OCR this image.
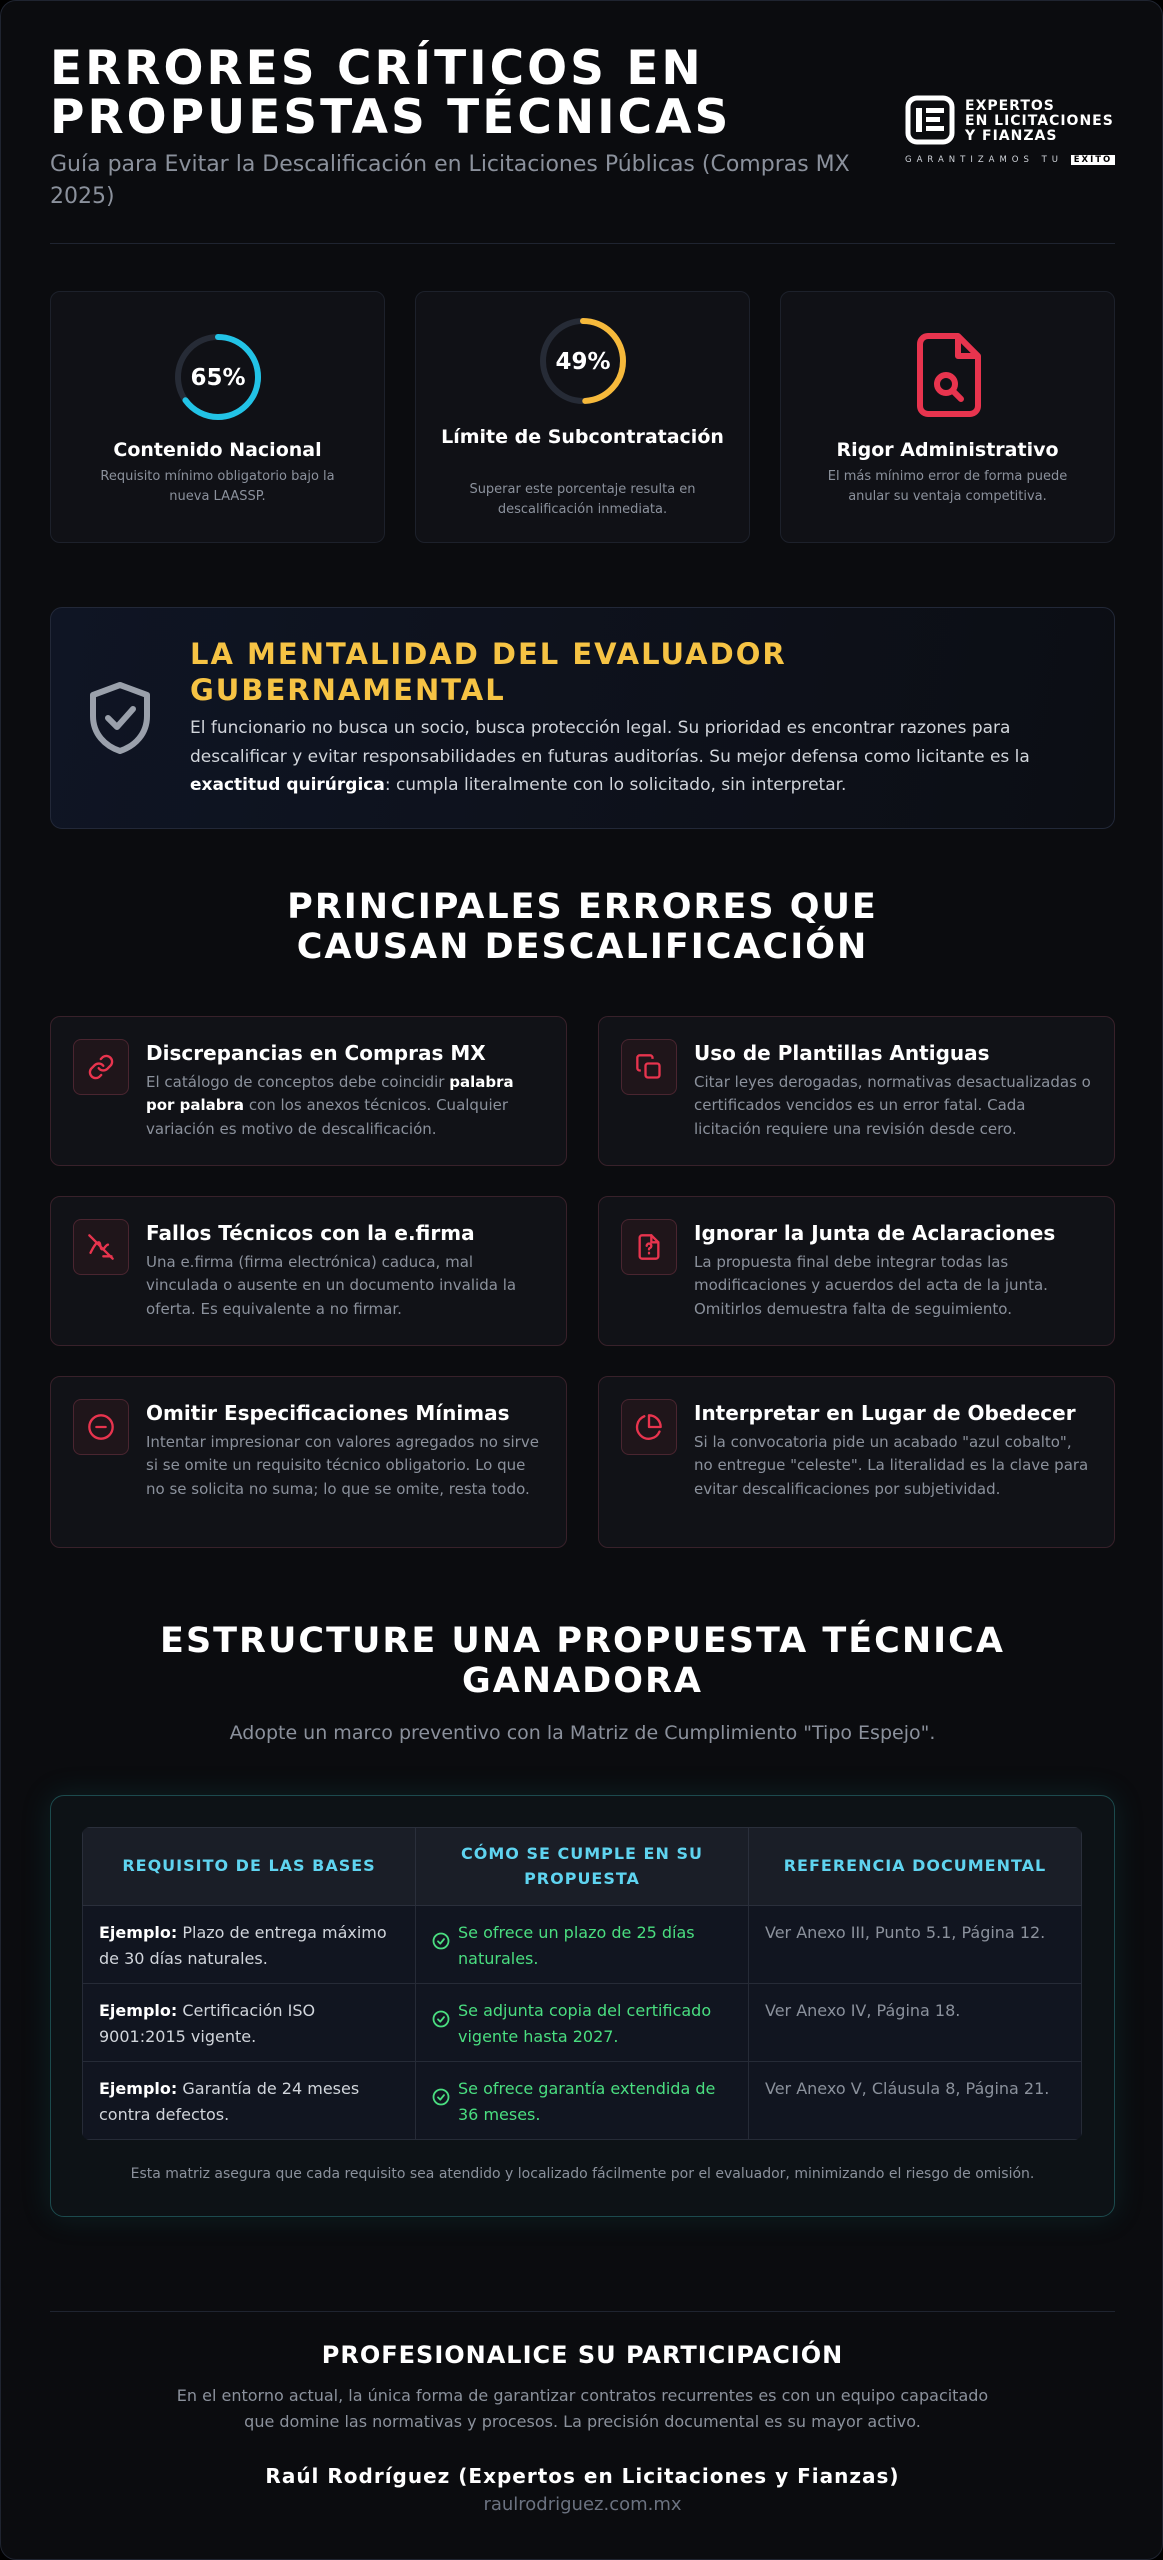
ERRORES CRÍTICOS EN PROPUESTAS TÉCNICAS
Guía para Evitar la Descalificación en Licitaciones Públicas (Compras MX 2025)
EXPERTOS
EN LICITACIONES
Y FIANZAS
GARANTIZAMOS TU ÉXITO
65%
Contenido Nacional
Requisito mínimo obligatorio bajo la nueva LAASSP.
49%
Límite de Subcontratación
Superar este porcentaje resulta en descalificación inmediata.
Rigor Administrativo
El más mínimo error de forma puede anular su ventaja competitiva.
LA MENTALIDAD DEL EVALUADOR GUBERNAMENTAL

El funcionario no busca un socio, busca protección legal. Su prioridad es encontrar razones para descalificar y evitar responsabilidades en futuras auditorías. Su mejor defensa como licitante es la exactitud quirúrgica: cumpla literalmente con lo solicitado, sin interpretar.

PRINCIPALES ERRORES QUE CAUSAN DESCALIFICACIÓN
Discrepancias en Compras MX

El catálogo de conceptos debe coincidir palabra por palabra con los anexos técnicos. Cualquier variación es motivo de descalificación.

Uso de Plantillas Antiguas

Citar leyes derogadas, normativas desactualizadas o certificados vencidos es un error fatal. Cada licitación requiere una revisión desde cero.

Fallos Técnicos con la e.firma

Una e.firma (firma electrónica) caduca, mal vinculada o ausente en un documento invalida la oferta. Es equivalente a no firmar.

Ignorar la Junta de Aclaraciones

La propuesta final debe integrar todas las modificaciones y acuerdos del acta de la junta. Omitirlos demuestra falta de seguimiento.

Omitir Especificaciones Mínimas

Intentar impresionar con valores agregados no sirve si se omite un requisito técnico obligatorio. Lo que no se solicita no suma; lo que se omite, resta todo.

Interpretar en Lugar de Obedecer

Si la convocatoria pide un acabado "azul cobalto", no entregue "celeste". La literalidad es la clave para evitar descalificaciones por subjetividad.

ESTRUCTURE UNA PROPUESTA TÉCNICA GANADORA

Adopte un marco preventivo con la Matriz de Cumplimiento "Tipo Espejo".

REQUISITO DE LAS BASES	CÓMO SE CUMPLE EN SU PROPUESTA	REFERENCIA DOCUMENTAL
Ejemplo: Plazo de entrega máximo de 30 días naturales.	Se ofrece un plazo de 25 días naturales.	Ver Anexo III, Punto 5.1, Página 12.
Ejemplo: Certificación ISO 9001:2015 vigente.	Se adjunta copia del certificado vigente hasta 2027.	Ver Anexo IV, Página 18.
Ejemplo: Garantía de 24 meses contra defectos.	Se ofrece garantía extendida de 36 meses.	Ver Anexo V, Cláusula 8, Página 21.

Esta matriz asegura que cada requisito sea atendido y localizado fácilmente por el evaluador, minimizando el riesgo de omisión.

PROFESIONALICE SU PARTICIPACIÓN

En el entorno actual, la única forma de garantizar contratos recurrentes es con un equipo capacitado que domine las normativas y procesos. La precisión documental es su mayor activo.

Raúl Rodríguez (Expertos en Licitaciones y Fianzas)

raulrodriguez.com.mx
